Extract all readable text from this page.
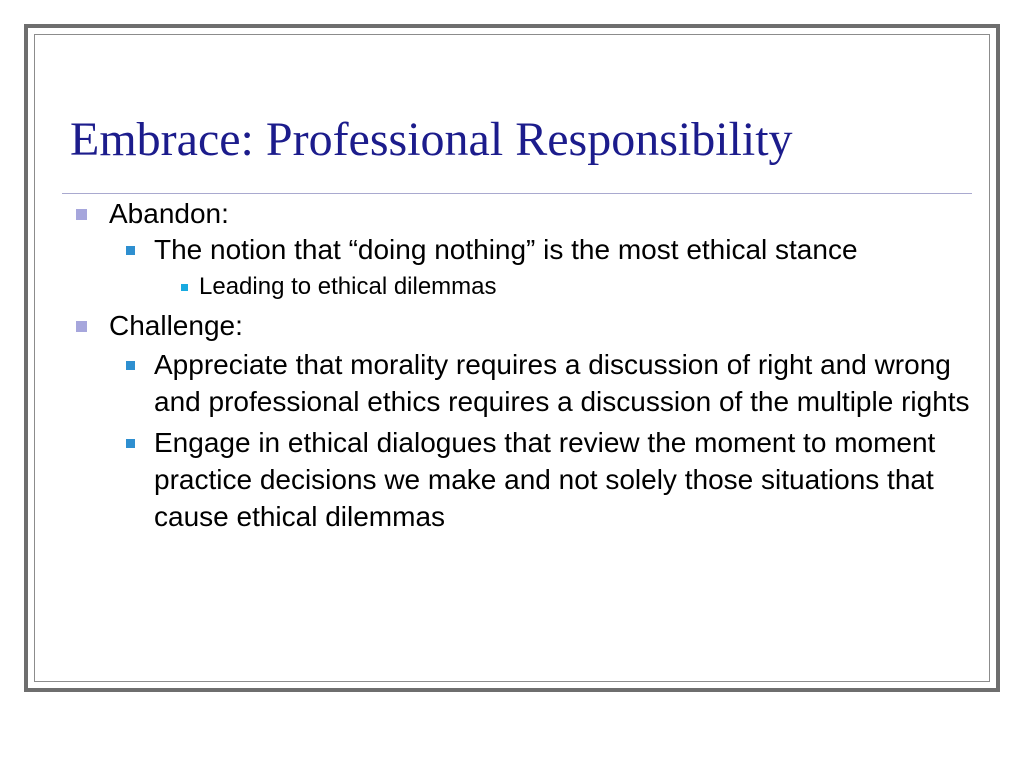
Embrace: Professional Responsibility
Abandon:
The notion that “doing nothing” is the most ethical stance
Leading to ethical dilemmas
Challenge:
Appreciate that morality requires a discussion of right and wrong and professional ethics requires a discussion of the multiple rights
Engage in ethical dialogues that review the moment to moment practice decisions we make and not solely those situations that cause ethical dilemmas
